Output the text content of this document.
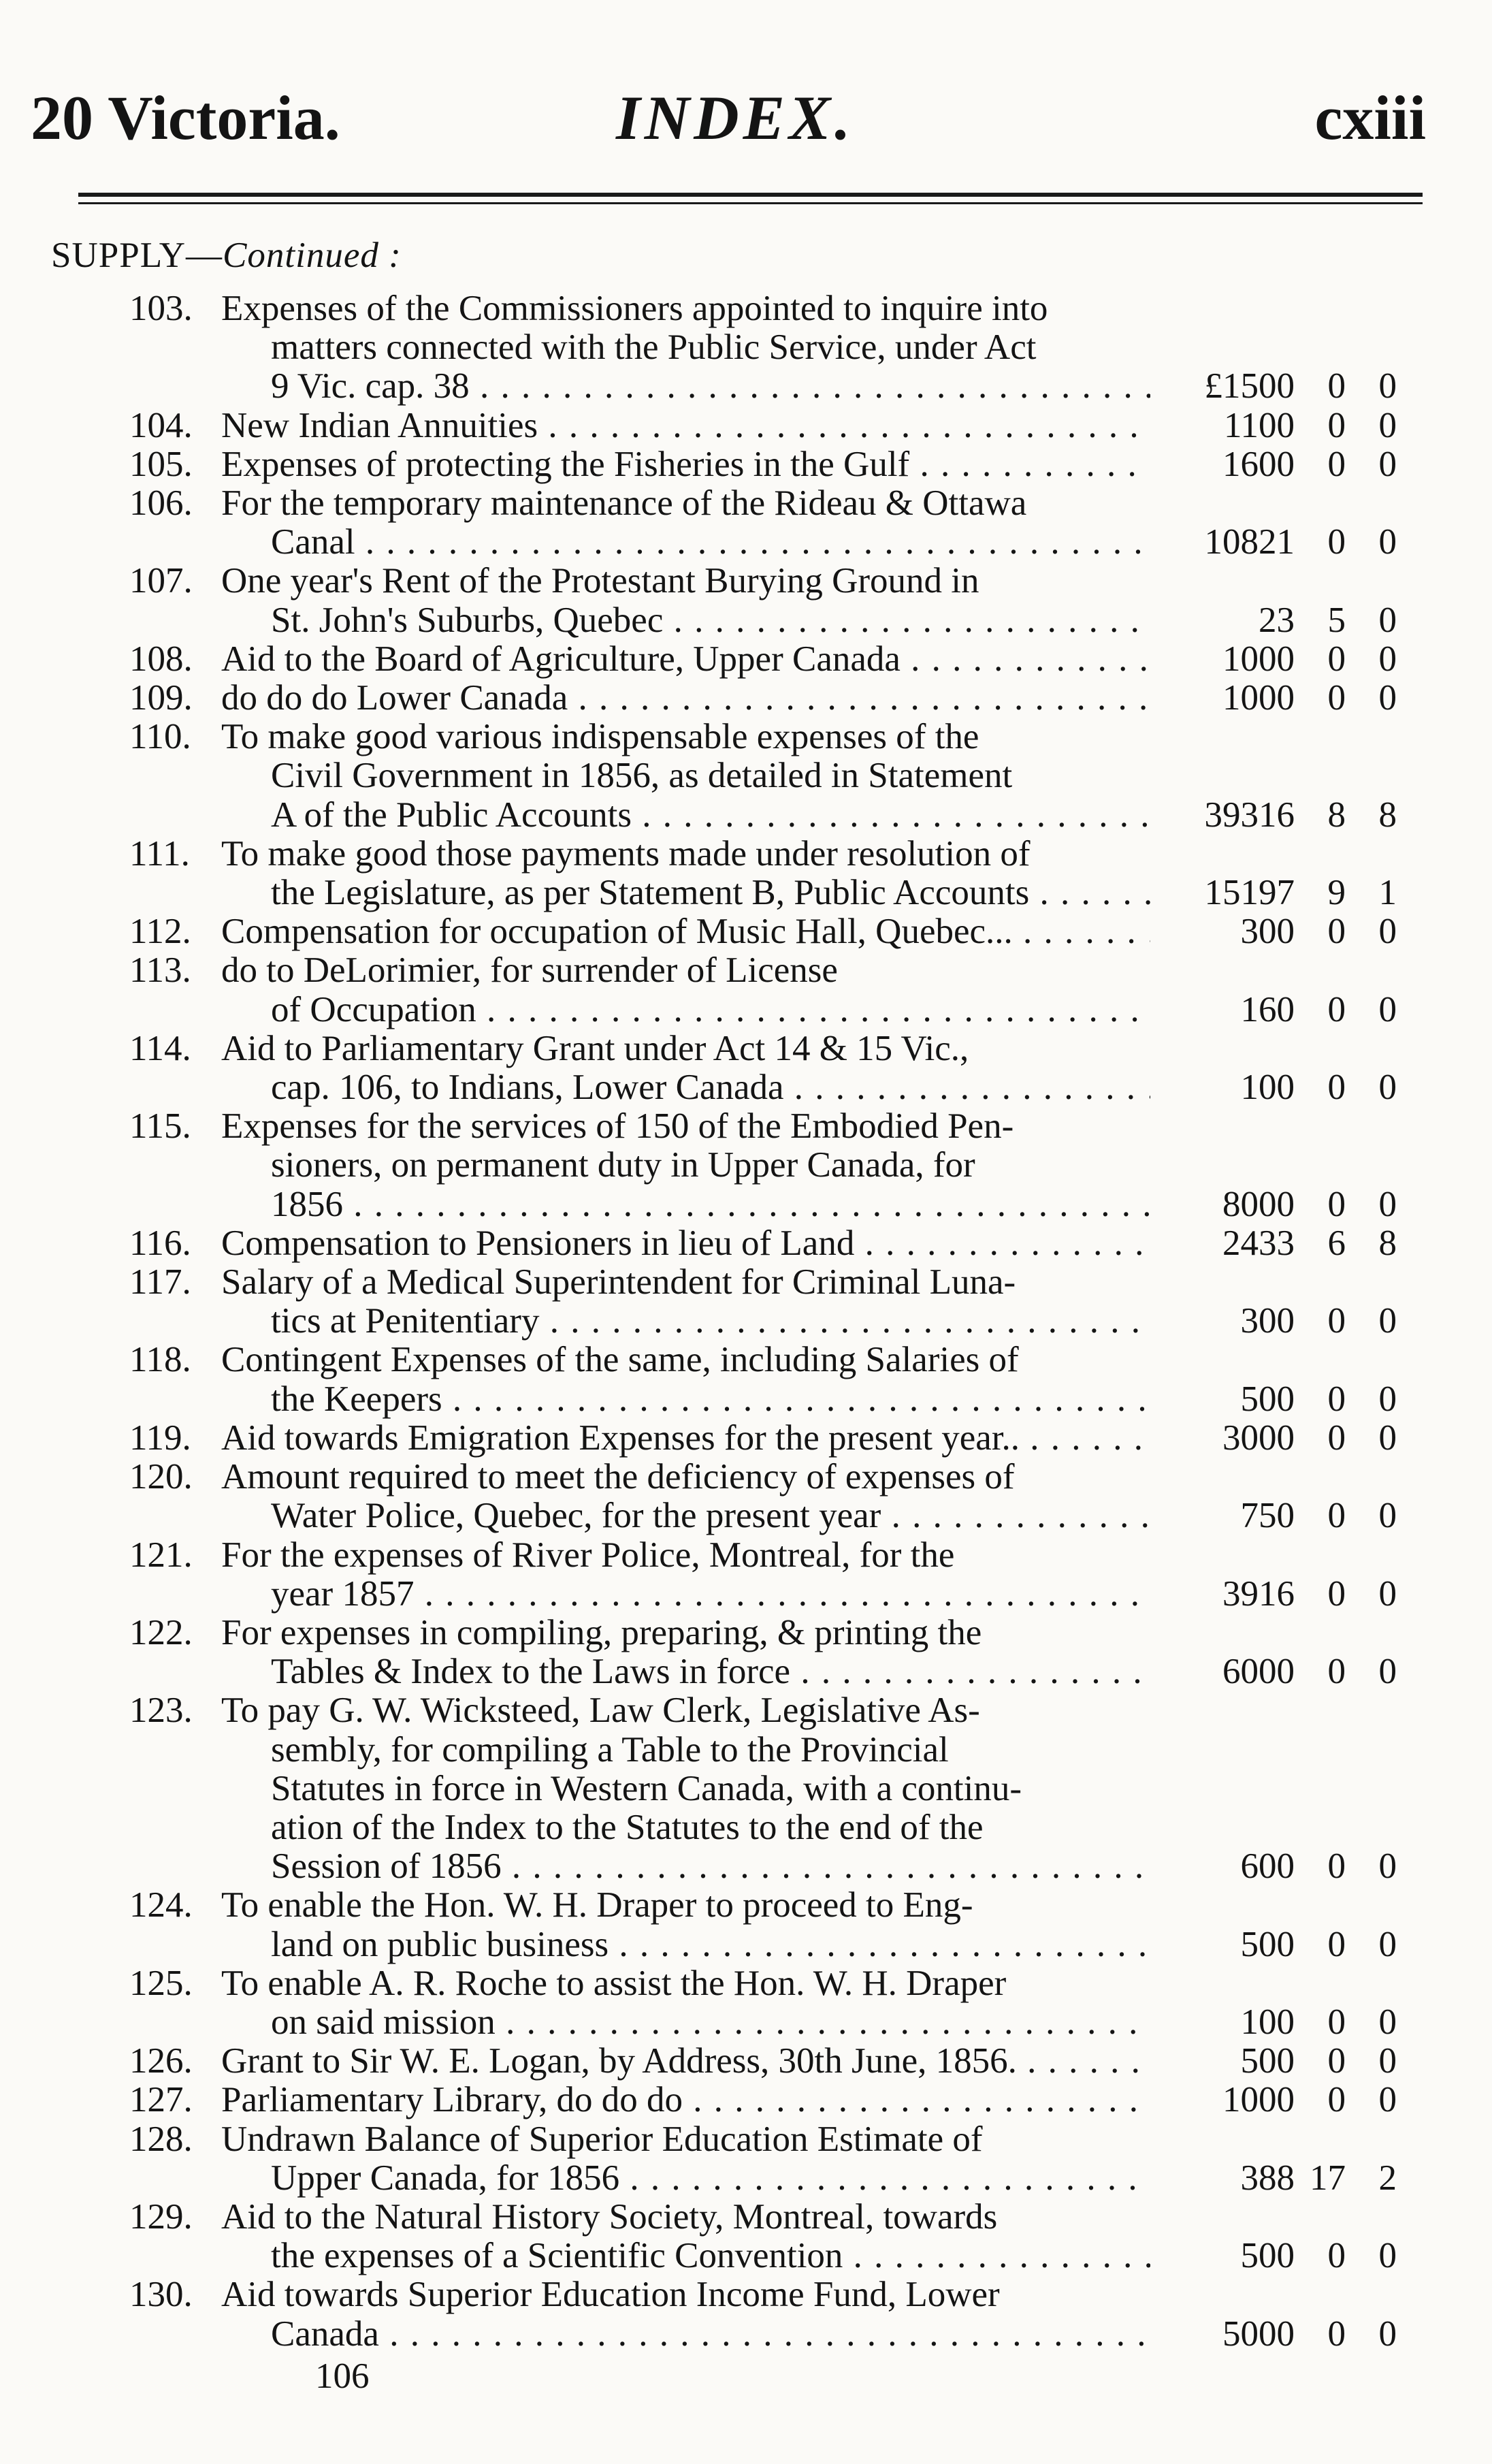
20 Victoria.	INDEX.	cxiii
SUPPLY—Continued :
103. Expenses of the Commissioners appointed to inquire into
matters connected with the Public Service, under Act
9 Vic. cap. 38 . . .	£1500 0 0
104. New Indian Annuities . . .	1100 0 0
105. Expenses of protecting the Fisheries in the Gulf . . .	1600 0 0
106. For the temporary maintenance of the Rideau & Ottawa
Canal . . .	10821 0 0
107. One year's Rent of the Protestant Burying Ground in
St. John's Suburbs, Quebec . . .	23 5 0
108. Aid to the Board of Agriculture, Upper Canada . . .	1000 0 0
109. do do do Lower Canada . . .	1000 0 0
110. To make good various indispensable expenses of the
Civil Government in 1856, as detailed in Statement
A of the Public Accounts . . .	39316 8 8
111. To make good those payments made under resolution of
the Legislature, as per Statement B, Public Accounts . . .	15197 9 1
112. Compensation for occupation of Music Hall, Quebec... . . .	300 0 0
113. do to DeLorimier, for surrender of License
of Occupation . . .	160 0 0
114. Aid to Parliamentary Grant under Act 14 & 15 Vic.,
cap. 106, to Indians, Lower Canada . . .	100 0 0
115. Expenses for the services of 150 of the Embodied Pen-
sioners, on permanent duty in Upper Canada, for
1856 . . .	8000 0 0
116. Compensation to Pensioners in lieu of Land . . .	2433 6 8
117. Salary of a Medical Superintendent for Criminal Luna-
tics at Penitentiary . . .	300 0 0
118. Contingent Expenses of the same, including Salaries of
the Keepers . . .	500 0 0
119. Aid towards Emigration Expenses for the present year.. . . .	3000 0 0
120. Amount required to meet the deficiency of expenses of
Water Police, Quebec, for the present year . . .	750 0 0
121. For the expenses of River Police, Montreal, for the
year 1857 . . .	3916 0 0
122. For expenses in compiling, preparing, & printing the
Tables & Index to the Laws in force . . .	6000 0 0
123. To pay G. W. Wicksteed, Law Clerk, Legislative As-
sembly, for compiling a Table to the Provincial
Statutes in force in Western Canada, with a continu-
ation of the Index to the Statutes to the end of the
Session of 1856 . . .	600 0 0
124. To enable the Hon. W. H. Draper to proceed to Eng-
land on public business . . .	500 0 0
125. To enable A. R. Roche to assist the Hon. W. H. Draper
on said mission . . .	100 0 0
126. Grant to Sir W. E. Logan, by Address, 30th June, 1856. . . .	500 0 0
127. Parliamentary Library, do do do . . .	1000 0 0
128. Undrawn Balance of Superior Education Estimate of
Upper Canada, for 1856 . . .	388 17 2
129. Aid to the Natural History Society, Montreal, towards
the expenses of a Scientific Convention . . .	500 0 0
130. Aid towards Superior Education Income Fund, Lower
Canada . . .	5000 0 0
106
